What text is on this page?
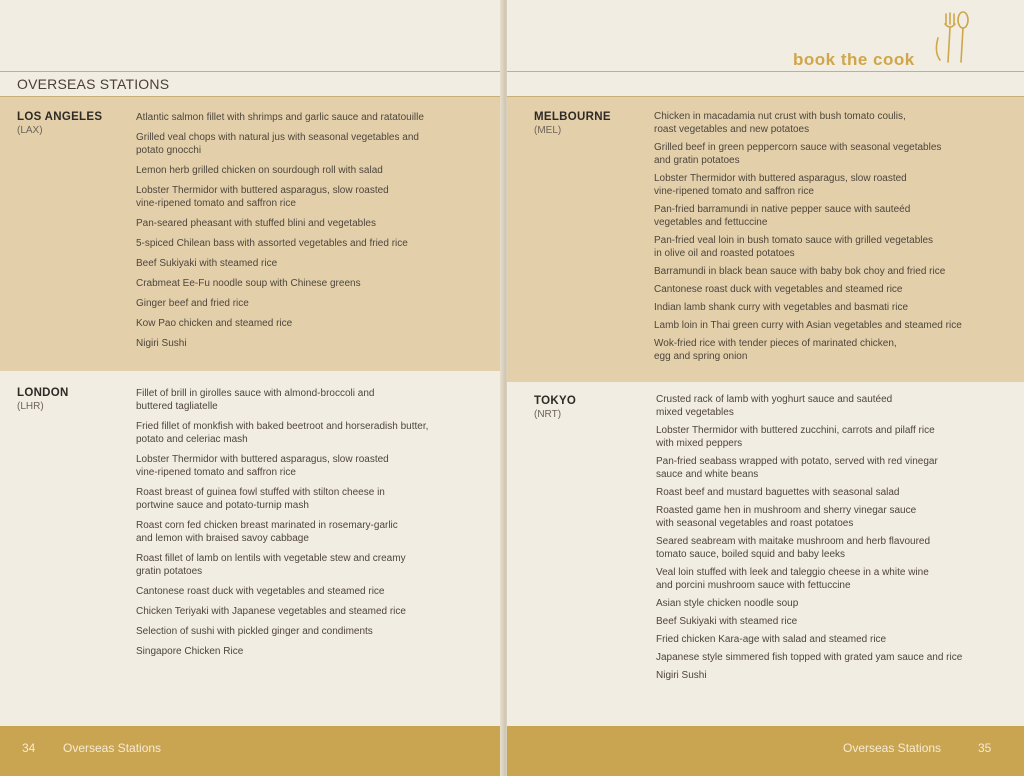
OVERSEAS STATIONS
LOS ANGELES
(LAX)
Atlantic salmon fillet with shrimps and garlic sauce and ratatouille
Grilled veal chops with natural jus with seasonal vegetables and
potato gnocchi
Lemon herb grilled chicken on sourdough roll with salad
Lobster Thermidor with buttered asparagus, slow roasted
vine-ripened tomato and saffron rice
Pan-seared pheasant with stuffed blini and vegetables
5-spiced Chilean bass with assorted vegetables and fried rice
Beef Sukiyaki with steamed rice
Crabmeat Ee-Fu noodle soup with Chinese greens
Ginger beef and fried rice
Kow Pao chicken and steamed rice
Nigiri Sushi
LONDON
(LHR)
Fillet of brill in girolles sauce with almond-broccoli and
buttered tagliatelle
Fried fillet of monkfish with baked beetroot and horseradish butter,
potato and celeriac mash
Lobster Thermidor with buttered asparagus, slow roasted
vine-ripened tomato and saffron rice
Roast breast of guinea fowl stuffed with stilton cheese in
portwine sauce and potato-turnip mash
Roast corn fed chicken breast marinated in rosemary-garlic
and lemon with braised savoy cabbage
Roast fillet of lamb on lentils with vegetable stew and creamy
gratin potatoes
Cantonese roast duck with vegetables and steamed rice
Chicken Teriyaki with Japanese vegetables and steamed rice
Selection of sushi with pickled ginger and condiments
Singapore Chicken Rice
34 Overseas Stations
MELBOURNE
(MEL)
Chicken in macadamia nut crust with bush tomato coulis,
roast vegetables and new potatoes
Grilled beef in green peppercorn sauce with seasonal vegetables
and gratin potatoes
Lobster Thermidor with buttered asparagus, slow roasted
vine-ripened tomato and saffron rice
Pan-fried barramundi in native pepper sauce with sauteéd
vegetables and fettuccine
Pan-fried veal loin in bush tomato sauce with grilled vegetables
in olive oil and roasted potatoes
Barramundi in black bean sauce with baby bok choy and fried rice
Cantonese roast duck with vegetables and steamed rice
Indian lamb shank curry with vegetables and basmati rice
Lamb loin in Thai green curry with Asian vegetables and steamed rice
Wok-fried rice with tender pieces of marinated chicken,
egg and spring onion
TOKYO
(NRT)
Crusted rack of lamb with yoghurt sauce and sautéed
mixed vegetables
Lobster Thermidor with buttered zucchini, carrots and pilaff rice
with mixed peppers
Pan-fried seabass wrapped with potato, served with red vinegar
sauce and white beans
Roast beef and mustard baguettes with seasonal salad
Roasted game hen in mushroom and sherry vinegar sauce
with seasonal vegetables and roast potatoes
Seared seabream with maitake mushroom and herb flavoured
tomato sauce, boiled squid and baby leeks
Veal loin stuffed with leek and taleggio cheese in a white wine
and porcini mushroom sauce with fettuccine
Asian style chicken noodle soup
Beef Sukiyaki with steamed rice
Fried chicken Kara-age with salad and steamed rice
Japanese style simmered fish topped with grated yam sauce and rice
Nigiri Sushi
Overseas Stations	35
book the cook
